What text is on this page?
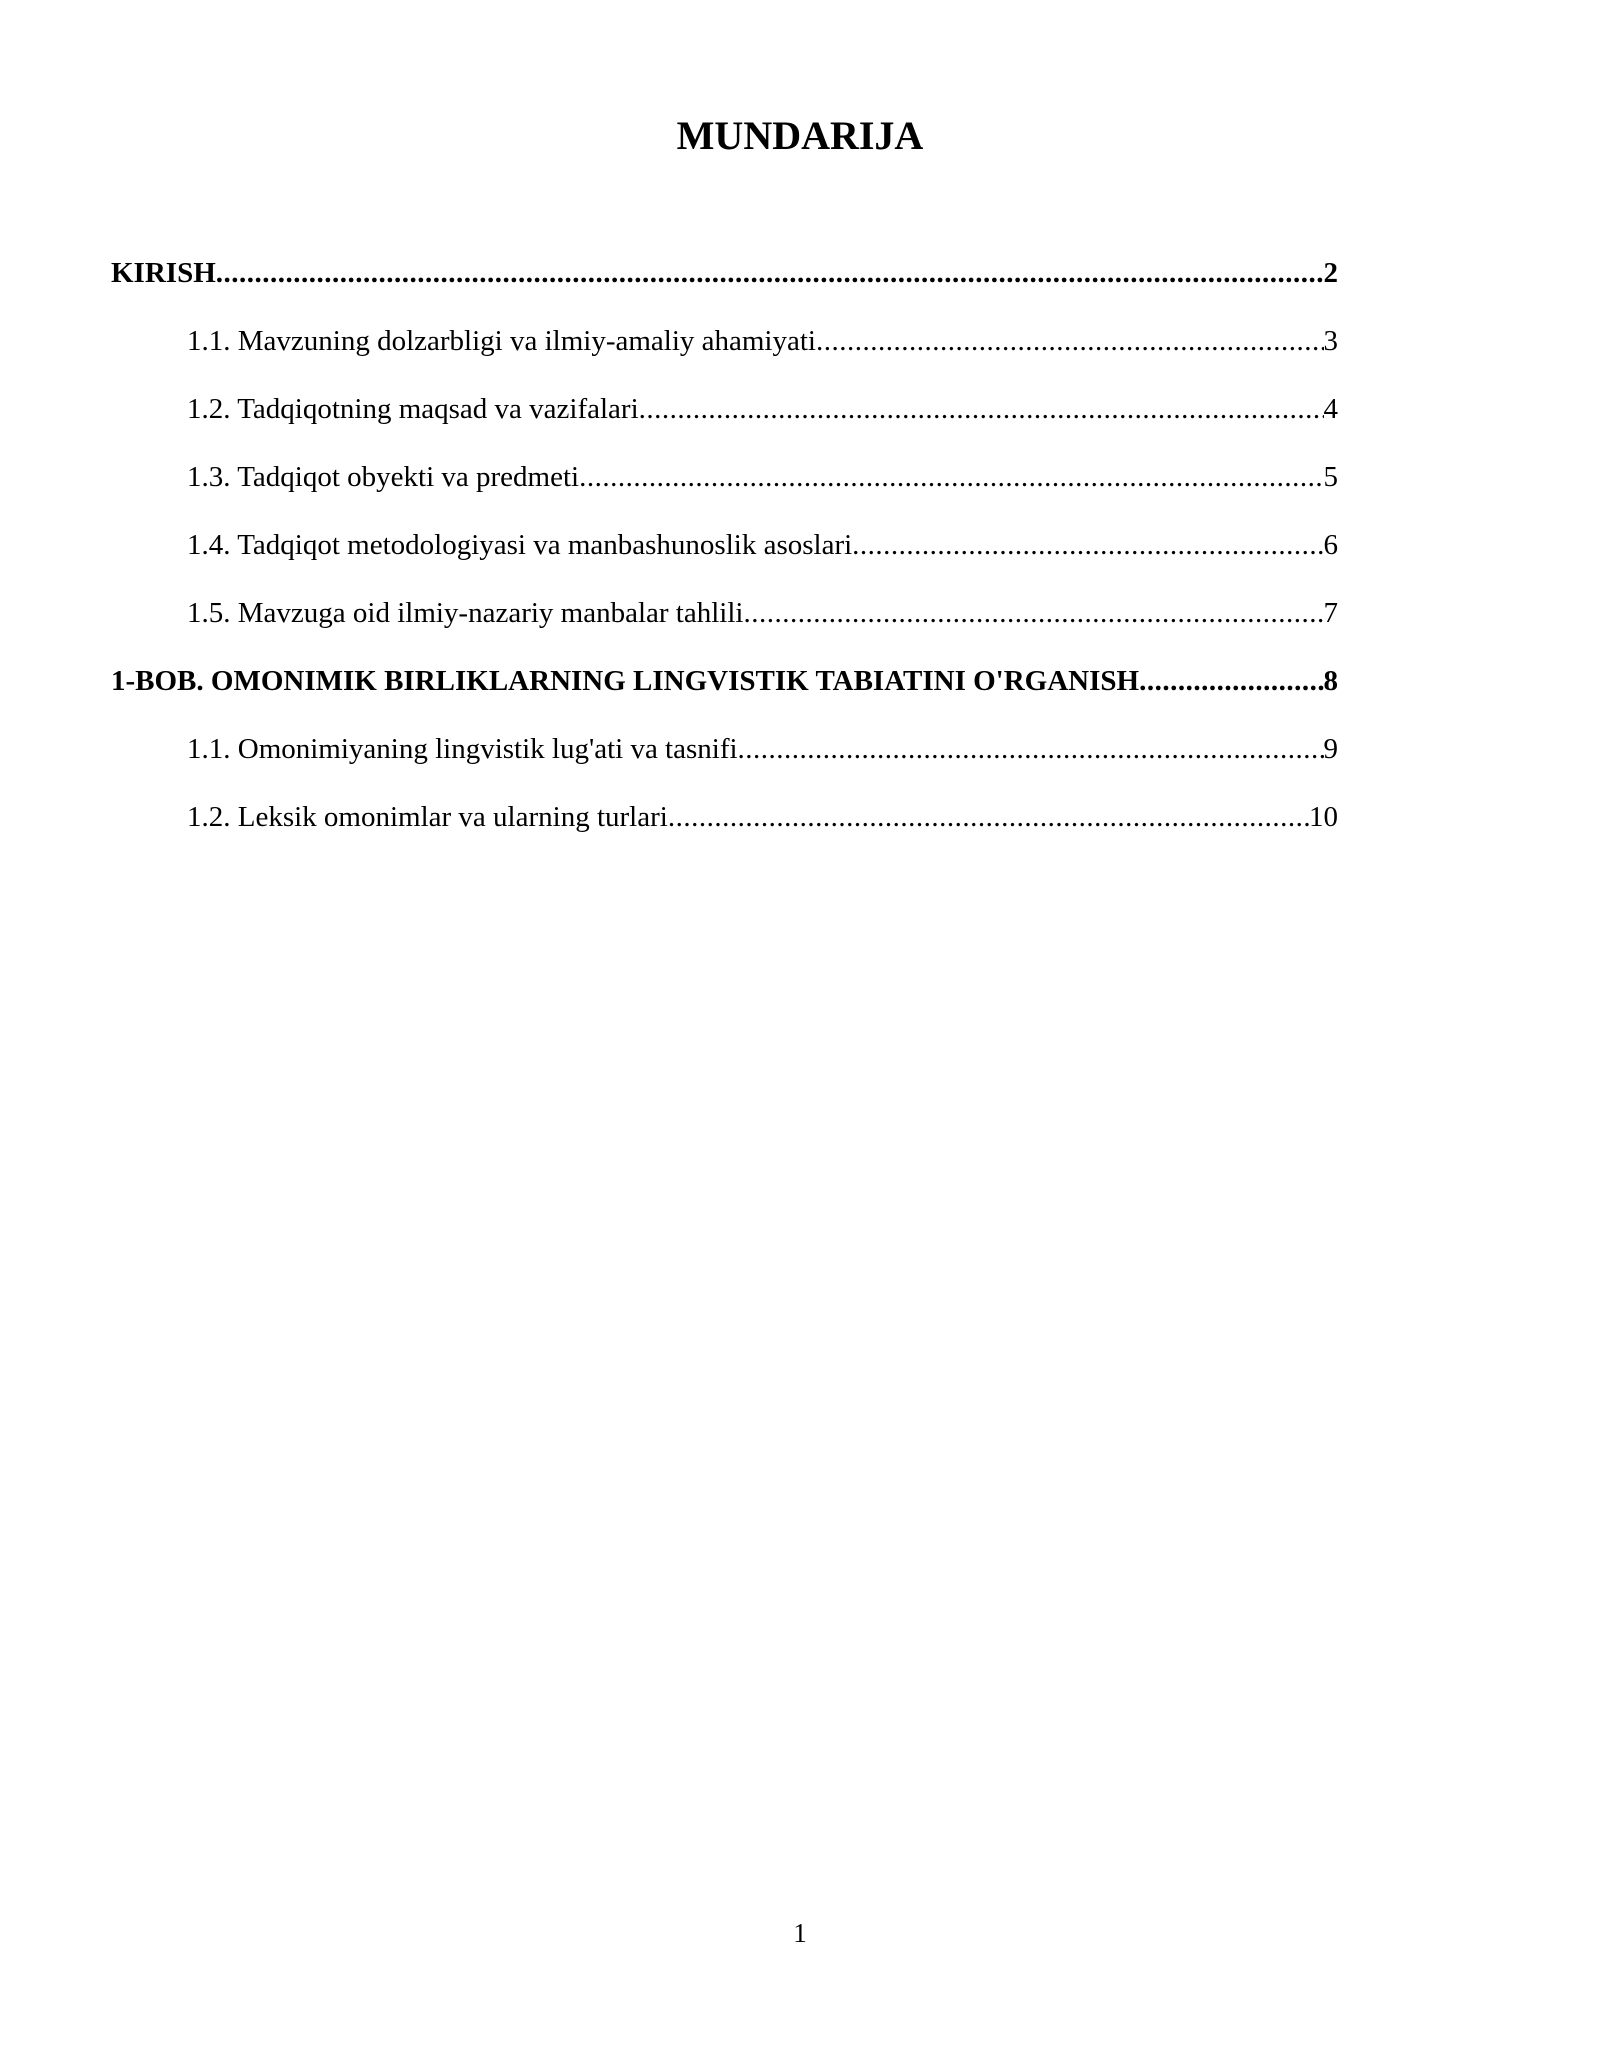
MUNDARIJA
KIRISH .....	2
1.1. Mavzuning dolzarbligi va ilmiy-amaliy ahamiyati .....	3
1.2. Tadqiqotning maqsad va vazifalari .....	4
1.3. Tadqiqot obyekti va predmeti .....	5
1.4. Tadqiqot metodologiyasi va manbashunoslik asoslari .....	6
1.5. Mavzuga oid ilmiy-nazariy manbalar tahlili .....	7
1-BOB. OMONIMIK BIRLIKLARNING LINGVISTIK TABIATINI O'RGANISH .....	8
1.1. Omonimiyaning lingvistik lug'ati va tasnifi .....	9
1.2. Leksik omonimlar va ularning turlari .....	10
1
